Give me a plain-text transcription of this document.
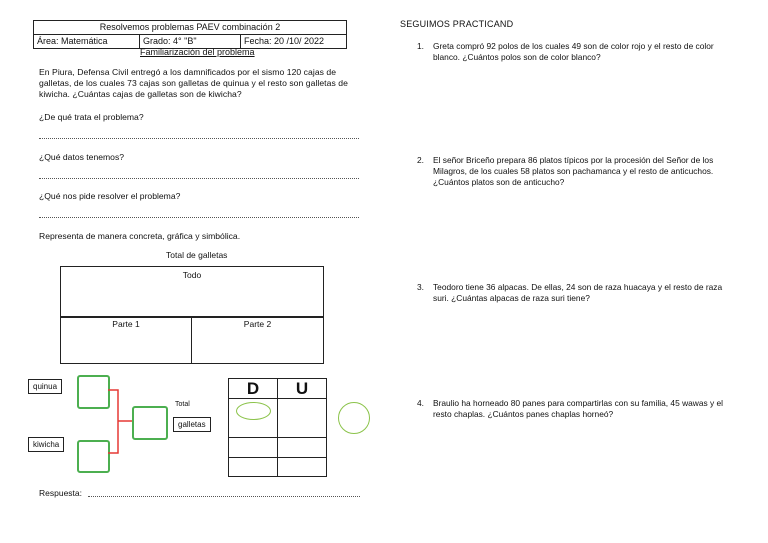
Resolvemos problemas PAEV combinación 2
Área: Matemática	Grado: 4° "B"	Fecha: 20 /10/ 2022
Familiarización del problema
En Piura, Defensa Civil entregó a los damnificados por el sismo 120 cajas de galletas, de los cuales 73 cajas son galletas de quinua y el resto son galletas de kiwicha. ¿Cuántas cajas de galletas son de kiwicha?
¿De qué trata el problema?
¿Qué datos tenemos?
¿Qué nos pide resolver el problema?
Representa de manera concreta, gráfica y simbólica.
Total de galletas
Todo
Parte 1	Parte 2
quinua
kiwicha
Total
galletas
D	U
Respuesta:
SEGUIMOS PRACTICAND
1. Greta compró 92 polos de los cuales 49 son de color rojo y el resto de color blanco. ¿Cuántos polos son de color blanco?
2. El señor Briceño prepara 86 platos típicos por la procesión del Señor de los Milagros, de los cuales 58 platos son pachamanca y el resto de anticuchos. ¿Cuántos platos son de anticucho?
3. Teodoro tiene 36 alpacas. De ellas, 24 son de raza huacaya y el resto de raza suri. ¿Cuántas alpacas de raza suri tiene?
4. Braulio ha horneado 80 panes para compartirlas con su familia, 45 wawas y el resto chaplas. ¿Cuántos panes chaplas horneó?
